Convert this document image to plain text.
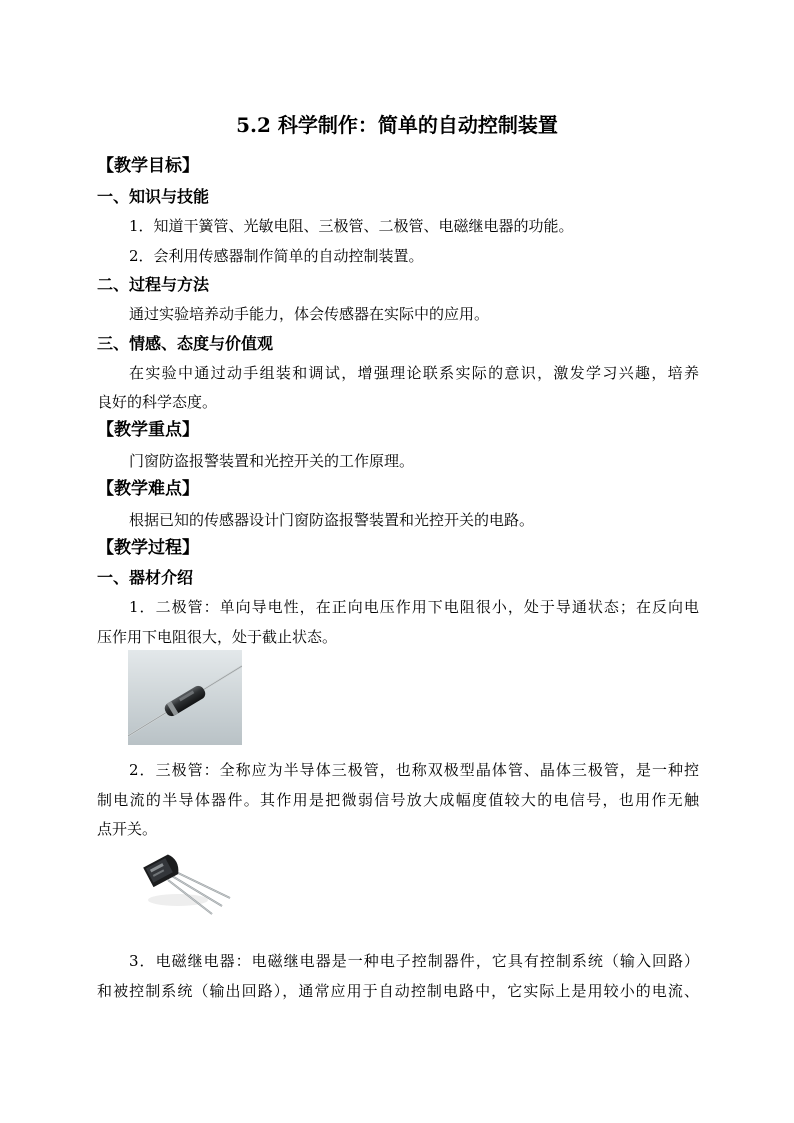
5.2 科学制作：简单的自动控制装置
【教学目标】
一、知识与技能
1．知道干簧管、光敏电阻、三极管、二极管、电磁继电器的功能。
2．会利用传感器制作简单的自动控制装置。
二、过程与方法
通过实验培养动手能力，体会传感器在实际中的应用。
三、情感、态度与价值观
在实验中通过动手组装和调试，增强理论联系实际的意识，激发学习兴趣，培养
良好的科学态度。
【教学重点】
门窗防盗报警装置和光控开关的工作原理。
【教学难点】
根据已知的传感器设计门窗防盗报警装置和光控开关的电路。
【教学过程】
一、器材介绍
1．二极管：单向导电性，在正向电压作用下电阻很小，处于导通状态；在反向电
压作用下电阻很大，处于截止状态。
2．三极管：全称应为半导体三极管，也称双极型晶体管、晶体三极管，是一种控
制电流的半导体器件。其作用是把微弱信号放大成幅度值较大的电信号，也用作无触
点开关。
3．电磁继电器：电磁继电器是一种电子控制器件，它具有控制系统（输入回路）
和被控制系统（输出回路），通常应用于自动控制电路中，它实际上是用较小的电流、
